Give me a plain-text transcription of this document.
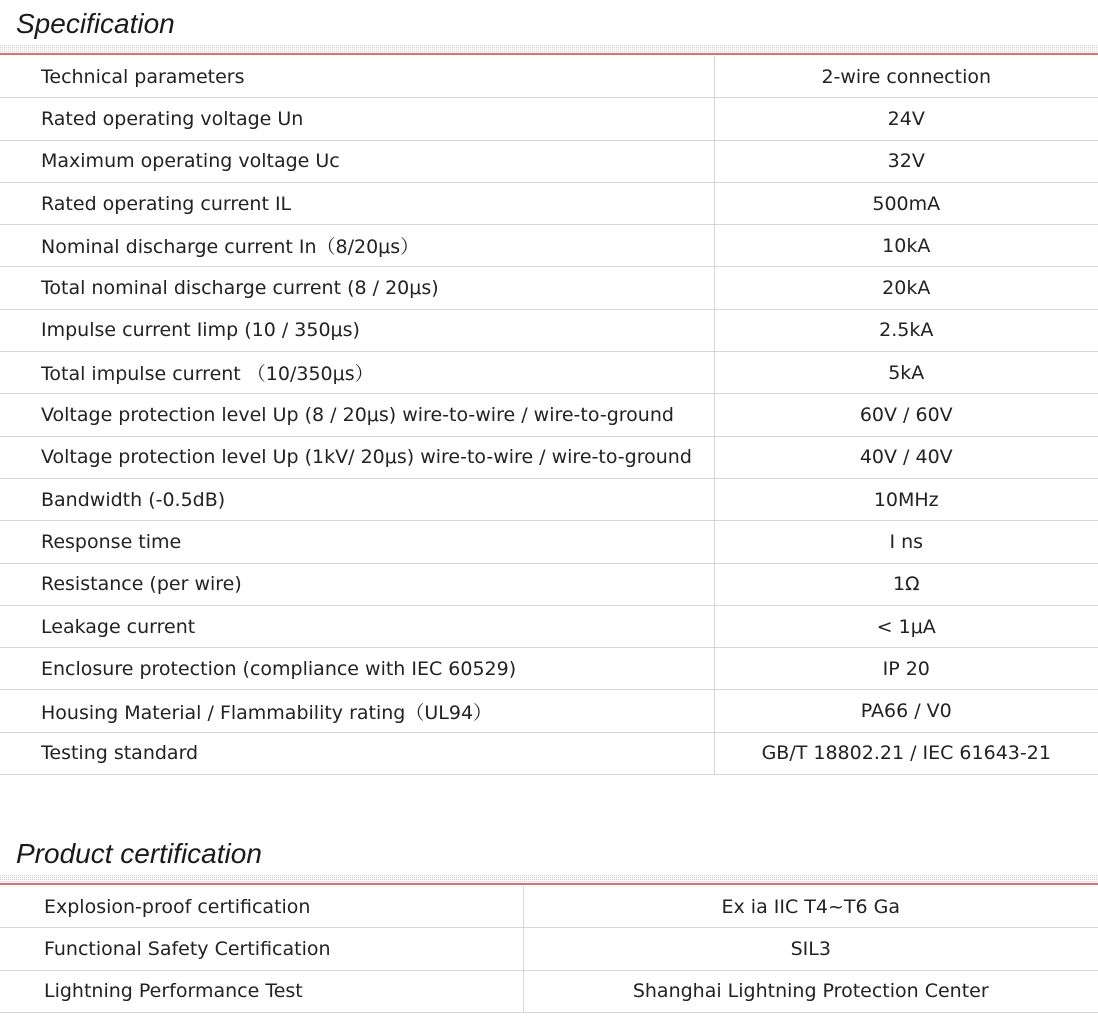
Specification
Technical parameters	2-wire connection
Rated operating voltage Un	24V
Maximum operating voltage Uc	32V
Rated operating current IL	500mA
Nominal discharge current In（8/20μs）	10kA
Total nominal discharge current (8 / 20μs)	20kA
Impulse current Iimp (10 / 350μs)	2.5kA
Total impulse current （10/350μs）	5kA
Voltage protection level Up (8 / 20μs) wire-to-wire / wire-to-ground	60V / 60V
Voltage protection level Up (1kV/ 20μs) wire-to-wire / wire-to-ground	40V / 40V
Bandwidth (-0.5dB)	10MHz
Response time	I ns
Resistance (per wire)	1Ω
Leakage current	< 1μA
Enclosure protection (compliance with IEC 60529)	IP 20
Housing Material / Flammability rating（UL94）	PA66 / V0
Testing standard	GB/T 18802.21 / IEC 61643-21
Product certification
Explosion-proof certification	Ex ia IIC T4~T6 Ga
Functional Safety Certification	SIL3
Lightning Performance Test	Shanghai Lightning Protection Center
